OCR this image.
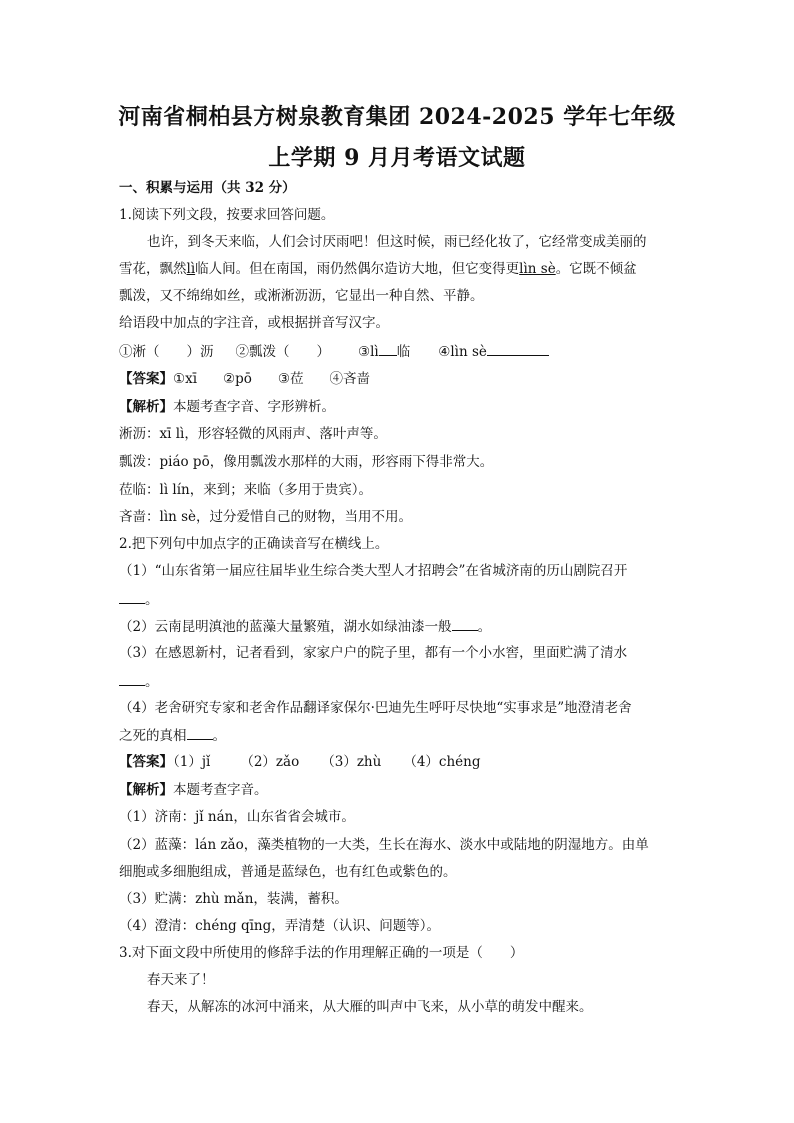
河南省桐柏县方树泉教育集团 2024-2025 学年七年级
上学期 9 月月考语文试题
一、积累与运用（共 32 分）
1.阅读下列文段，按要求回答问题。
也许，到冬天来临，人们会讨厌雨吧！但这时候，雨已经化妆了，它经常变成美丽的
雪花，飘然lì临人间。但在南国，雨仍然偶尔造访大地，但它变得更lìn sè。它既不倾盆
瓢泼，又不绵绵如丝，或淅淅沥沥，它显出一种自然、平静。
给语段中加点的字注音，或根据拼音写汉字。
①淅（　　）沥 ②瓢泼（　　） ③lì 临 ④lìn sè
【答案】①xī ②pō ③莅 ④吝啬
【解析】本题考查字音、字形辨析。
淅沥：xī lì，形容轻微的风雨声、落叶声等。
瓢泼：piáo pō，像用瓢泼水那样的大雨，形容雨下得非常大。
莅临：lì lín，来到；来临（多用于贵宾）。
吝啬：lìn sè，过分爱惜自己的财物，当用不用。
2.把下列句中加点字的正确读音写在横线上。
（1）“山东省第一届应往届毕业生综合类大型人才招聘会”在省城济南的历山剧院召开
。
（2）云南昆明滇池的蓝藻大量繁殖，湖水如绿油漆一般 。
（3）在感恩新村，记者看到，家家户户的院子里，都有一个小水窖，里面贮满了清水
。
（4）老舍研究专家和老舍作品翻译家保尔·巴迪先生呼吁尽快地“实事求是”地澄清老舍
之死的真相 。
【答案】（1）jǐ （2）zǎo （3）zhù （4）chéng
【解析】本题考查字音。
（1）济南：jǐ nán，山东省省会城市。
（2）蓝藻：lán zǎo，藻类植物的一大类，生长在海水、淡水中或陆地的阴湿地方。由单
细胞或多细胞组成，普通是蓝绿色，也有红色或紫色的。
（3）贮满：zhù mǎn，装满，蓄积。
（4）澄清：chéng qīng，弄清楚（认识、问题等）。
3.对下面文段中所使用的修辞手法的作用理解正确的一项是（　　）
春天来了！
春天，从解冻的冰河中涌来，从大雁的叫声中飞来，从小草的萌发中醒来。
